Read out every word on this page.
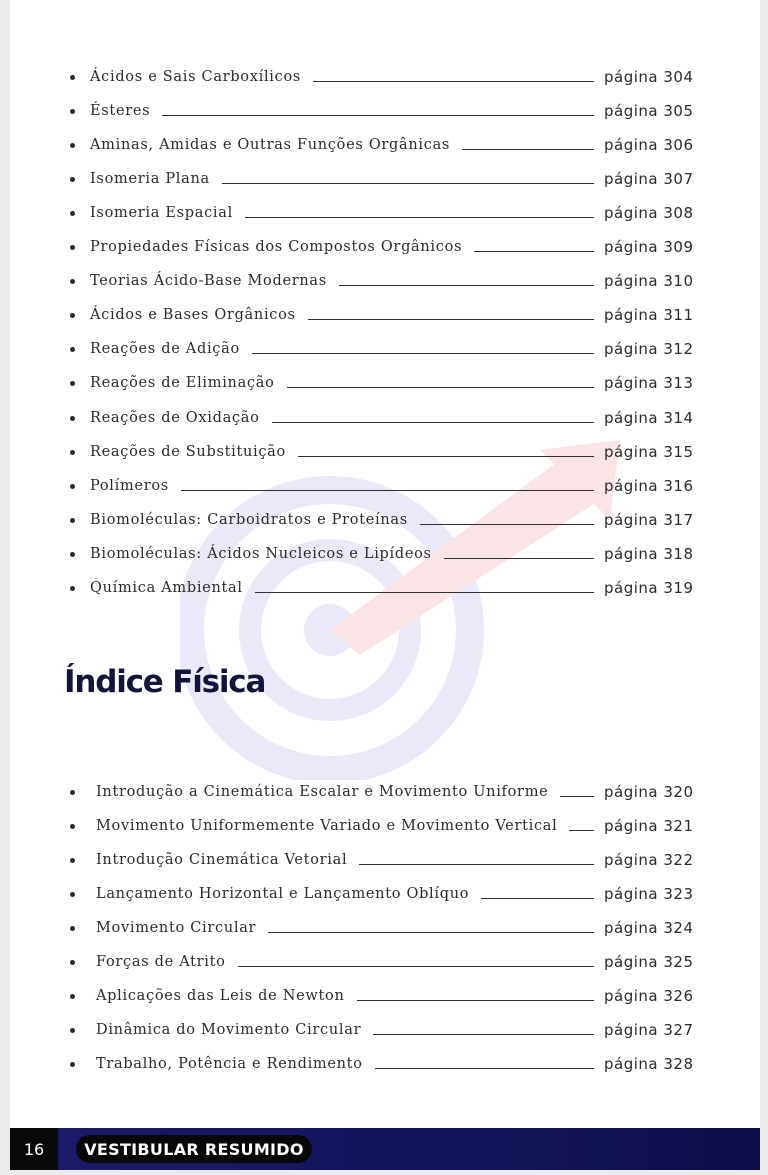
Ácidos e Sais Carboxílicos	página 304
Ésteres	página 305
Aminas, Amidas e Outras Funções Orgânicas	página 306
Isomeria Plana	página 307
Isomeria Espacial	página 308
Propiedades Físicas dos Compostos Orgânicos	página 309
Teorias Ácido-Base Modernas	página 310
Ácidos e Bases Orgânicos	página 311
Reações de Adição	página 312
Reações de Eliminação	página 313
Reações de Oxidação	página 314
Reações de Substituição	página 315
Polímeros	página 316
Biomoléculas: Carboidratos e Proteínas	página 317
Biomoléculas: Ácidos Nucleicos e Lipídeos	página 318
Química Ambiental	página 319
Índice Física
Introdução a Cinemática Escalar e Movimento Uniforme	página 320
Movimento Uniformemente Variado e Movimento Vertical	página 321
Introdução Cinemática Vetorial	página 322
Lançamento Horizontal e Lançamento Oblíquo	página 323
Movimento Circular	página 324
Forças de Atrito	página 325
Aplicações das Leis de Newton	página 326
Dinâmica do Movimento Circular	página 327
Trabalho, Potência e Rendimento	página 328
16	VESTIBULAR RESUMIDO
